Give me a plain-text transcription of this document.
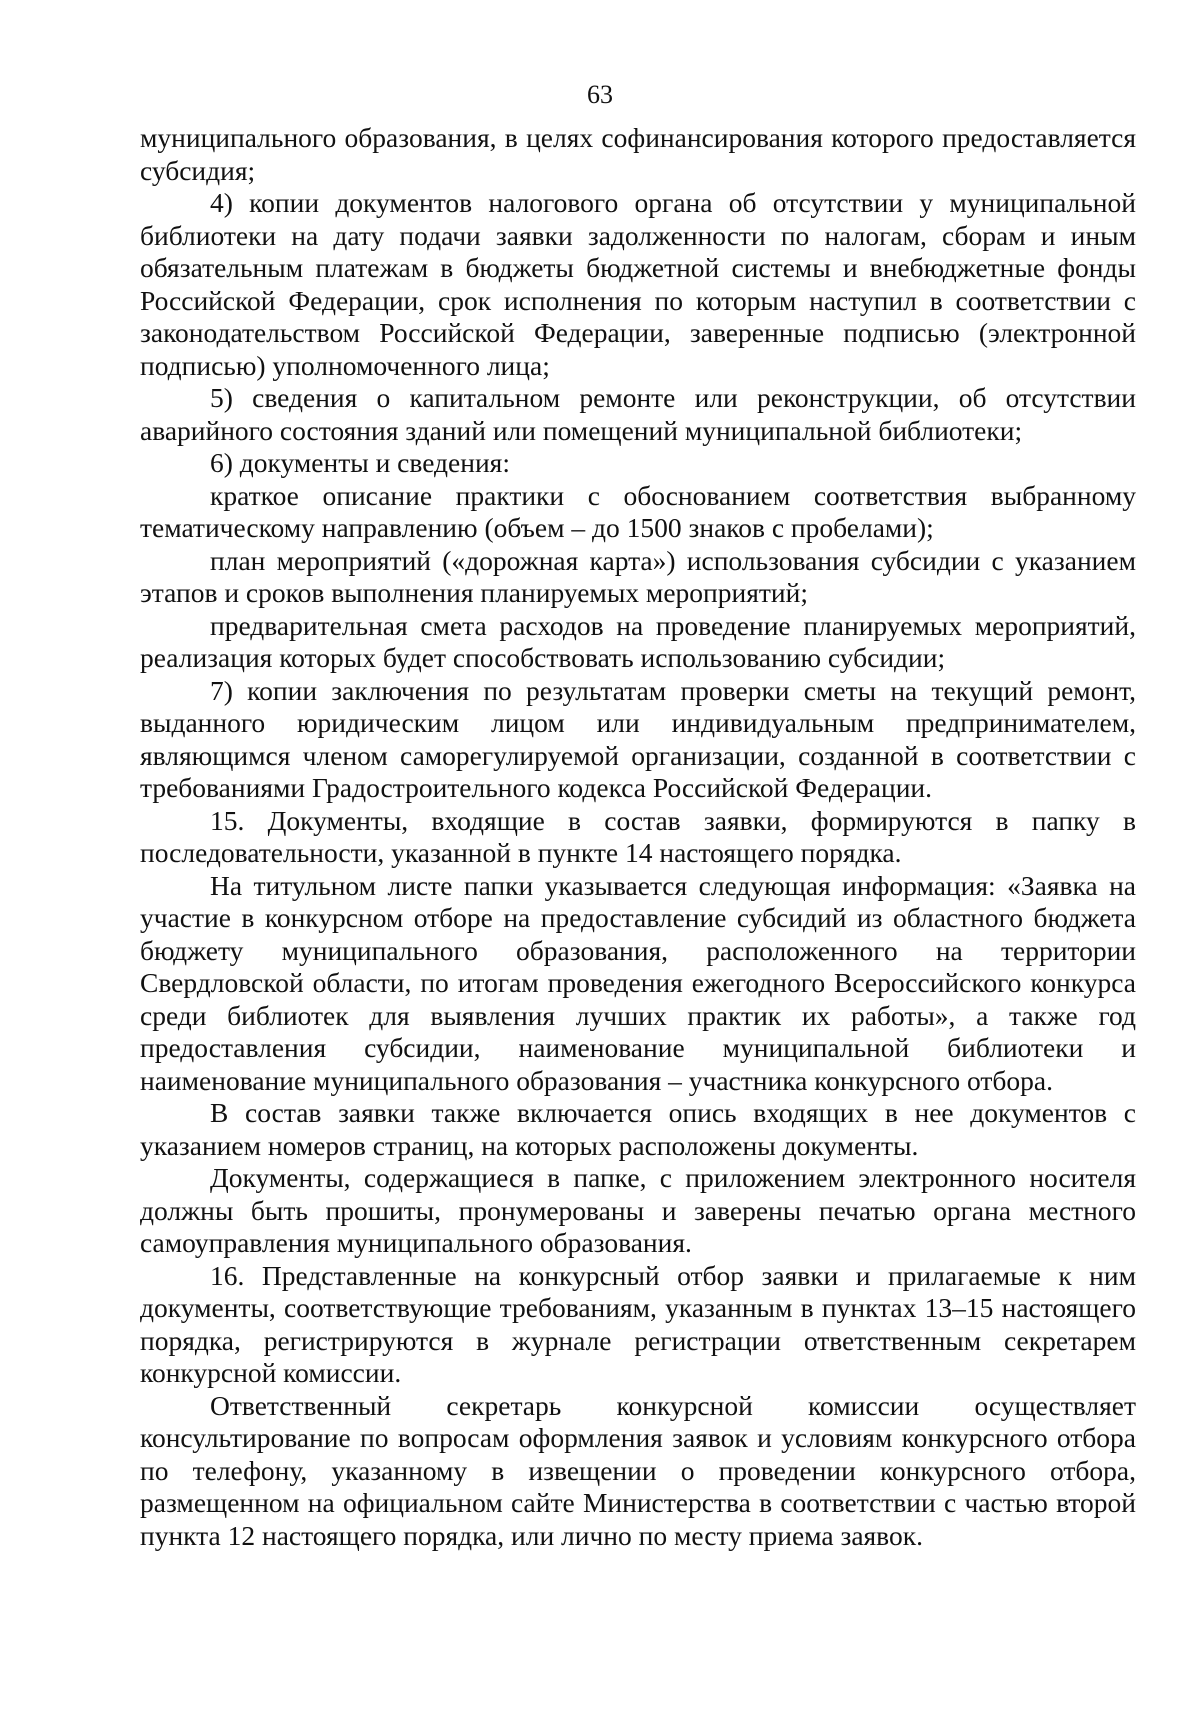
63

муниципального образования, в целях софинансирования которого предоставляется субсидия;

4) копии документов налогового органа об отсутствии у муниципальной библиотеки на дату подачи заявки задолженности по налогам, сборам и иным обязательным платежам в бюджеты бюджетной системы и внебюджетные фонды Российской Федерации, срок исполнения по которым наступил в соответствии с законодательством Российской Федерации, заверенные подписью (электронной подписью) уполномоченного лица;

5) сведения о капитальном ремонте или реконструкции, об отсутствии аварийного состояния зданий или помещений муниципальной библиотеки;

6) документы и сведения:

краткое описание практики с обоснованием соответствия выбранному тематическому направлению (объем – до 1500 знаков с пробелами);

план мероприятий («дорожная карта») использования субсидии с указанием этапов и сроков выполнения планируемых мероприятий;

предварительная смета расходов на проведение планируемых мероприятий, реализация которых будет способствовать использованию субсидии;

7) копии заключения по результатам проверки сметы на текущий ремонт, выданного юридическим лицом или индивидуальным предпринимателем, являющимся членом саморегулируемой организации, созданной в соответствии с требованиями Градостроительного кодекса Российской Федерации.

15. Документы, входящие в состав заявки, формируются в папку в последовательности, указанной в пункте 14 настоящего порядка.

На титульном листе папки указывается следующая информация: «Заявка на участие в конкурсном отборе на предоставление субсидий из областного бюджета бюджету муниципального образования, расположенного на территории Свердловской области, по итогам проведения ежегодного Всероссийского конкурса среди библиотек для выявления лучших практик их работы», а также год предоставления субсидии, наименование муниципальной библиотеки и наименование муниципального образования – участника конкурсного отбора.

В состав заявки также включается опись входящих в нее документов с указанием номеров страниц, на которых расположены документы.

Документы, содержащиеся в папке, с приложением электронного носителя должны быть прошиты, пронумерованы и заверены печатью органа местного самоуправления муниципального образования.

16. Представленные на конкурсный отбор заявки и прилагаемые к ним документы, соответствующие требованиям, указанным в пунктах 13–15 настоящего порядка, регистрируются в журнале регистрации ответственным секретарем конкурсной комиссии.

Ответственный секретарь конкурсной комиссии осуществляет консультирование по вопросам оформления заявок и условиям конкурсного отбора по телефону, указанному в извещении о проведении конкурсного отбора, размещенном на официальном сайте Министерства в соответствии с частью второй пункта 12 настоящего порядка, или лично по месту приема заявок.
